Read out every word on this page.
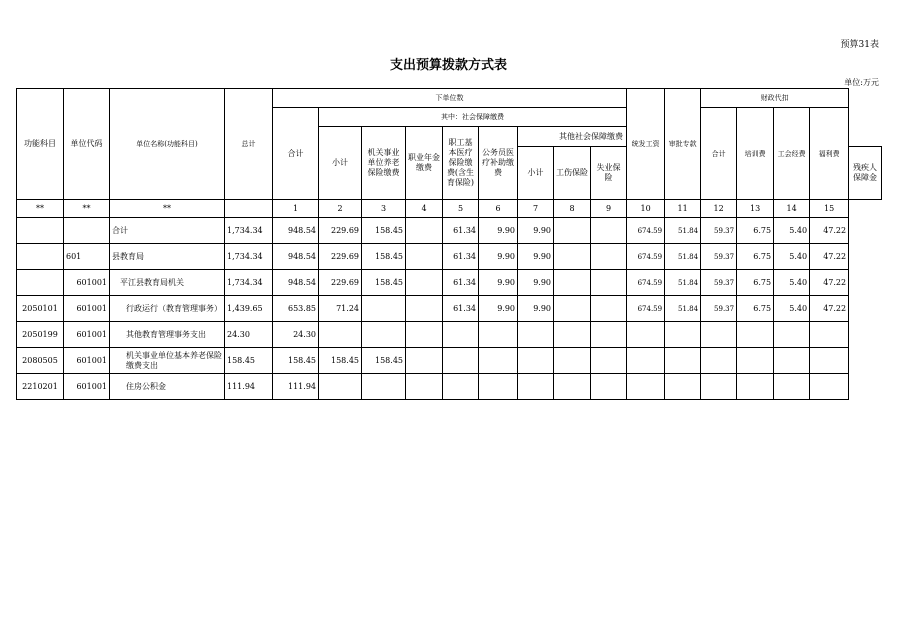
预算31表
支出预算拨款方式表
单位:万元
功能科目	单位代码	单位名称(功能科目)	总计	下单位数									统发工资	审批专款	财政代扣				
				合计	其中：社会保障缴费										合计	培训费	工会经费	福利费	
					小计	机关事业单位养老保险缴费	职业年金缴费	职工基本医疗保险缴费(含生育保险)	公务员医疗补助缴费	其他社会保障缴费									
										小计	工伤保险	失业保险							残疾人保障金
**	**	**		1	2	3	4	5	6	7	8	9	10	11	12	13	14	15	
		合计	1,734.34	948.54	229.69	158.45		61.34	9.90	9.90			674.59	51.84	59.37	6.75	5.40	47.22	
	601	县教育局	1,734.34	948.54	229.69	158.45		61.34	9.90	9.90			674.59	51.84	59.37	6.75	5.40	47.22	
	601001	平江县教育局机关	1,734.34	948.54	229.69	158.45		61.34	9.90	9.90			674.59	51.84	59.37	6.75	5.40	47.22	
2050101	601001	行政运行（教育管理事务）	1,439.65	653.85	71.24			61.34	9.90	9.90			674.59	51.84	59.37	6.75	5.40	47.22	
2050199	601001	其他教育管理事务支出	24.30	24.30															
2080505	601001	机关事业单位基本养老保险缴费支出	158.45	158.45	158.45	158.45													
2210201	601001	住房公积金	111.94	111.94															
